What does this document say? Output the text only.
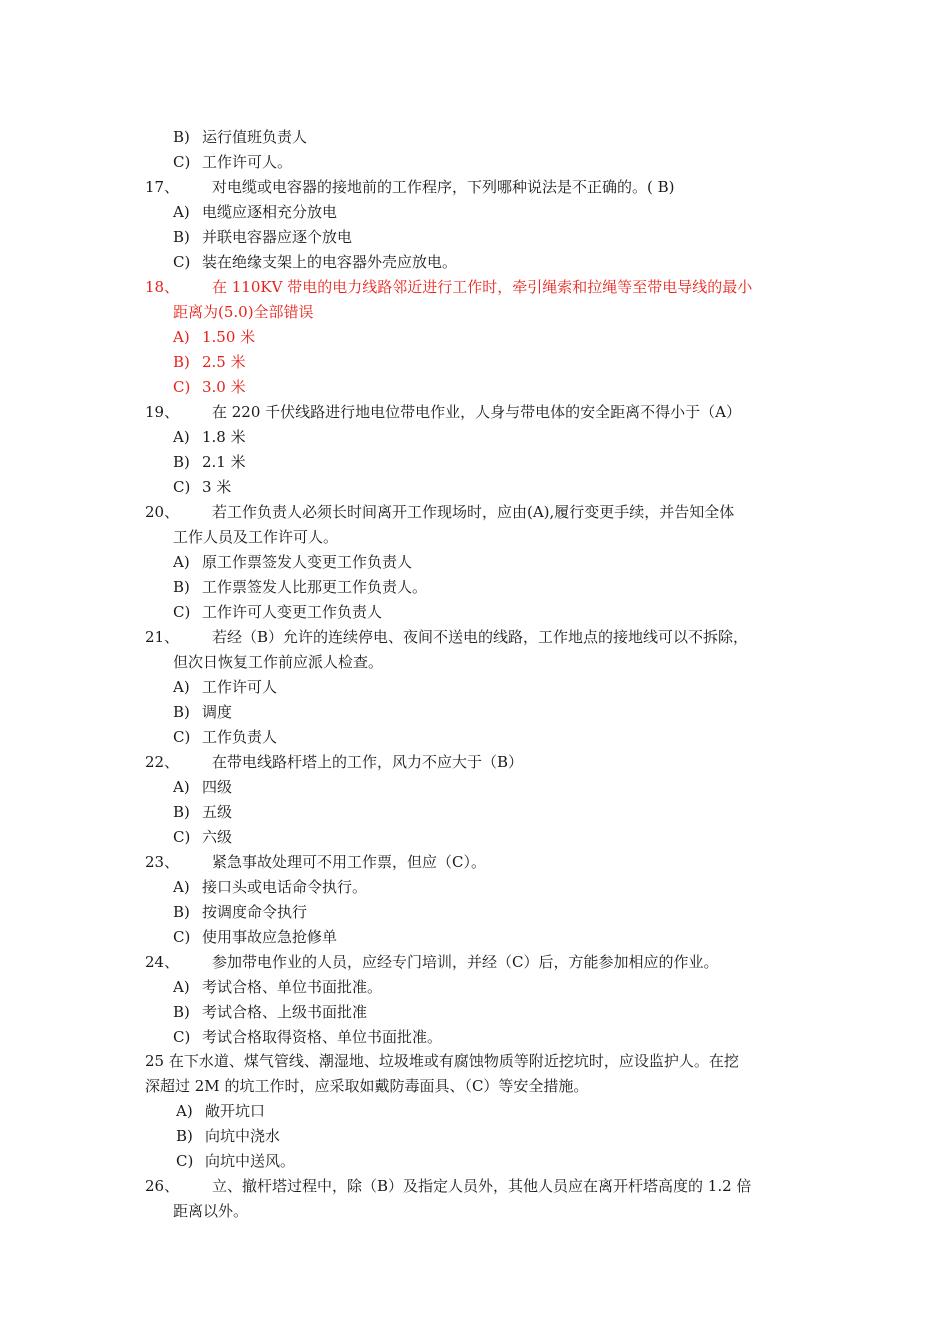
B) 运行值班负责人
C) 工作许可人。
17、 对电缆或电容器的接地前的工作程序，下列哪种说法是不正确的。( B)
A) 电缆应逐相充分放电
B) 并联电容器应逐个放电
C) 装在绝缘支架上的电容器外壳应放电。
18、 在 110KV 带电的电力线路邻近进行工作时，牵引绳索和拉绳等至带电导线的最小
距离为(5.0)全部错误
A) 1.50 米
B) 2.5 米
C) 3.0 米
19、 在 220 千伏线路进行地电位带电作业，人身与带电体的安全距离不得小于（A）
A) 1.8 米
B) 2.1 米
C) 3 米
20、 若工作负责人必须长时间离开工作现场时，应由(A),履行变更手续，并告知全体
工作人员及工作许可人。
A) 原工作票签发人变更工作负责人
B) 工作票签发人比那更工作负责人。
C) 工作许可人变更工作负责人
21、 若经（B）允许的连续停电、夜间不送电的线路，工作地点的接地线可以不拆除，
但次日恢复工作前应派人检查。
A) 工作许可人
B) 调度
C) 工作负责人
22、 在带电线路杆塔上的工作，风力不应大于（B）
A) 四级
B) 五级
C) 六级
23、 紧急事故处理可不用工作票，但应（C）。
A) 接口头或电话命令执行。
B) 按调度命令执行
C) 使用事故应急抢修单
24、 参加带电作业的人员，应经专门培训，并经（C）后，方能参加相应的作业。
A) 考试合格、单位书面批准。
B) 考试合格、上级书面批准
C) 考试合格取得资格、单位书面批准。
25 在下水道、煤气管线、潮湿地、垃圾堆或有腐蚀物质等附近挖坑时，应设监护人。在挖
深超过 2M 的坑工作时，应采取如戴防毒面具、（C）等安全措施。
A) 敞开坑口
B) 向坑中浇水
C) 向坑中送风。
26、 立、撤杆塔过程中，除（B）及指定人员外，其他人员应在离开杆塔高度的 1.2 倍
距离以外。
